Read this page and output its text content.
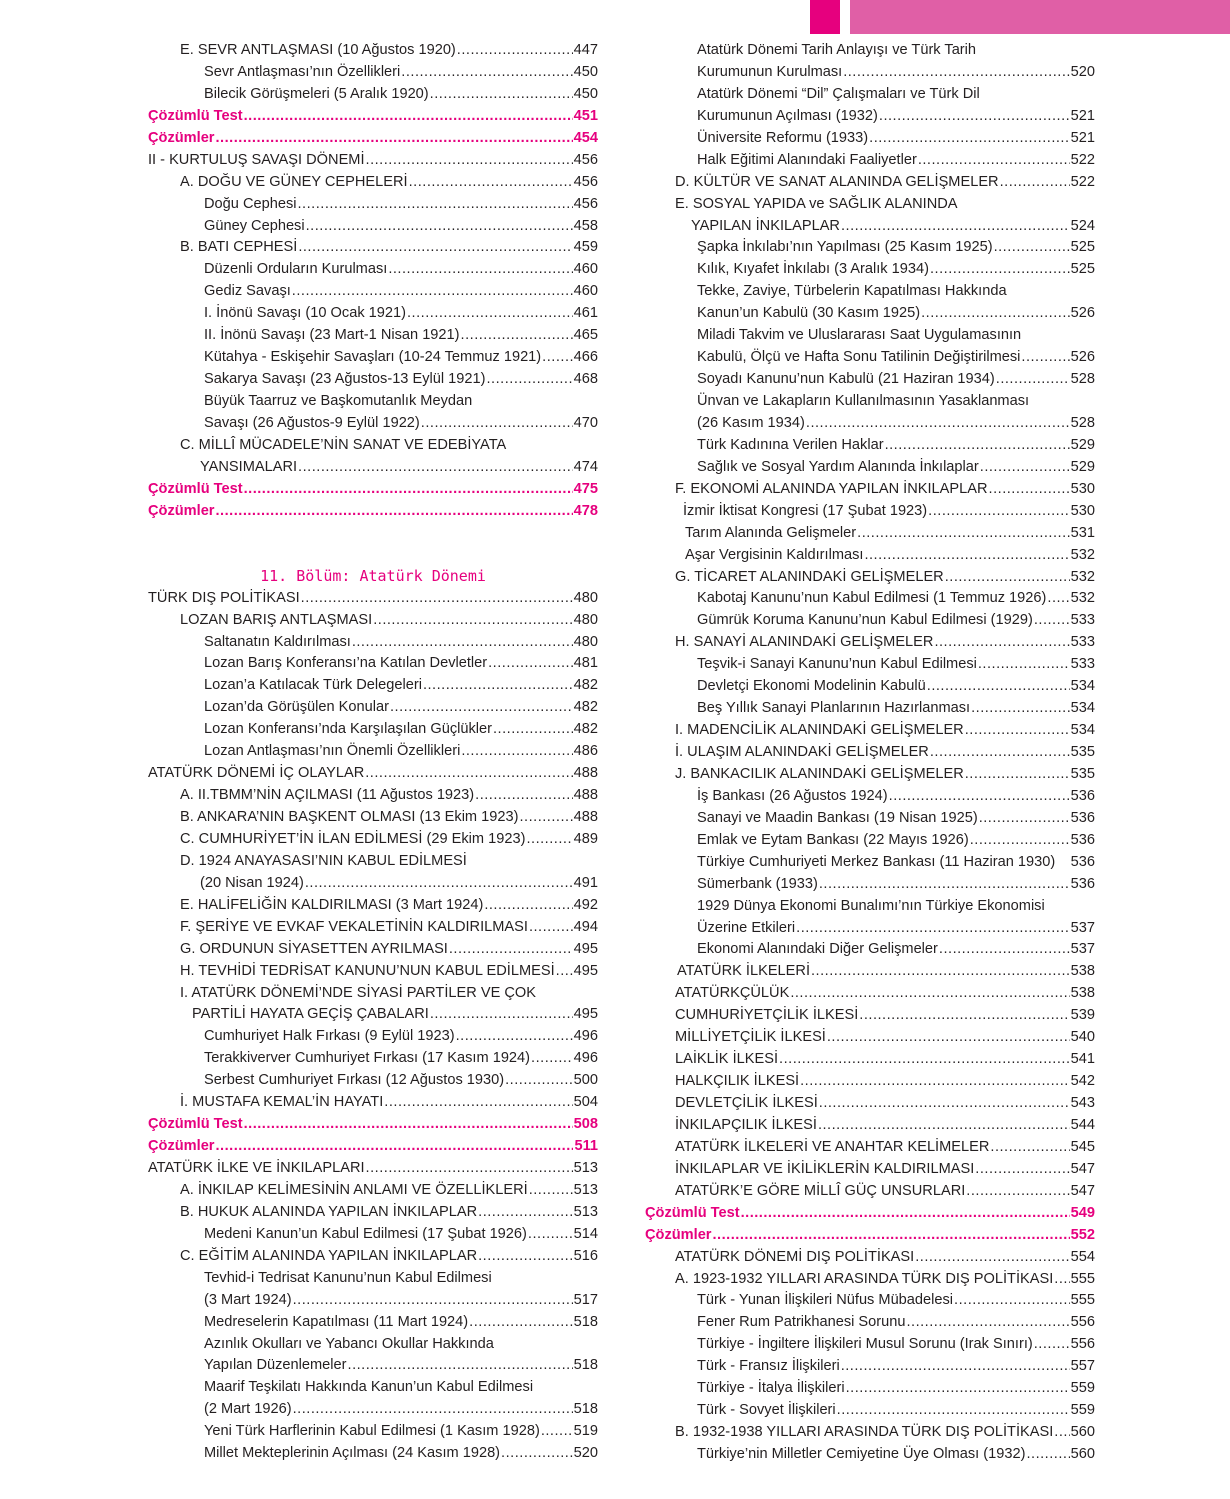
E. SEVR ANTLAŞMASI (10 Ağustos 1920) .....	447
Sevr Antlaşması’nın Özellikleri .....	450
Bilecik Görüşmeleri (5 Aralık 1920) .....	450
Çözümlü Test .....	451
Çözümler .....	454
II - KURTULUŞ SAVAŞI DÖNEMİ .....	456
A. DOĞU VE GÜNEY CEPHELERİ .....	456
Doğu Cephesi .....	456
Güney Cephesi .....	458
B. BATI CEPHESİ .....	459
Düzenli Orduların Kurulması .....	460
Gediz Savaşı .....	460
I. İnönü Savaşı (10 Ocak 1921) .....	461
II. İnönü Savaşı (23 Mart-1 Nisan 1921) .....	465
Kütahya - Eskişehir Savaşları (10-24 Temmuz 1921) ..... 466
Sakarya Savaşı (23 Ağustos-13 Eylül 1921) .....	468
Büyük Taarruz ve Başkomutanlık Meydan
Savaşı (26 Ağustos-9 Eylül 1922) .....	470
C. MİLLÎ MÜCADELE’NİN SANAT VE EDEBİYATA
YANSIMALARI .....	474
Çözümlü Test .....	475
Çözümler .....	478
11. Bölüm: Atatürk Dönemi
TÜRK DIŞ POLİTİKASI .....	480
LOZAN BARIŞ ANTLAŞMASI .....	480
Saltanatın Kaldırılması .....	480
Lozan Barış Konferansı’na Katılan Devletler .....	481
Lozan’a Katılacak Türk Delegeleri .....	482
Lozan’da Görüşülen Konular .....	482
Lozan Konferansı’nda Karşılaşılan Güçlükler .....	482
Lozan Antlaşması’nın Önemli Özellikleri .....	486
ATATÜRK DÖNEMİ İÇ OLAYLAR .....	488
A. II.TBMM’NİN AÇILMASI (11 Ağustos 1923) .....	488
B. ANKARA’NIN BAŞKENT OLMASI (13 Ekim 1923) .....	488
C. CUMHURİYET’İN İLAN EDİLMESİ (29 Ekim 1923) .....	489
D. 1924 ANAYASASI’NIN KABUL EDİLMESİ
(20 Nisan 1924) .....	491
E. HALİFELİĞİN KALDIRILMASI (3 Mart 1924) .....	492
F. ŞERİYE VE EVKAF VEKALETİNİN KALDIRILMASI .....	494
G. ORDUNUN SİYASETTEN AYRILMASI .....	495
H. TEVHİDİ TEDRİSAT KANUNU’NUN KABUL EDİLMESİ ..... 495
I. ATATÜRK DÖNEMİ’NDE SİYASİ PARTİLER VE ÇOK
PARTİLİ HAYATA GEÇİŞ ÇABALARI .....	495
Cumhuriyet Halk Fırkası (9 Eylül 1923) .....	496
Terakkiverver Cumhuriyet Fırkası (17 Kasım 1924) .....	496
Serbest Cumhuriyet Fırkası (12 Ağustos 1930) .....	500
İ. MUSTAFA KEMAL’İN HAYATI .....	504
Çözümlü Test .....	508
Çözümler .....	511
ATATÜRK İLKE VE İNKILAPLARI .....	513
A. İNKILAP KELİMESİNİN ANLAMI VE ÖZELLİKLERİ .....	513
B. HUKUK ALANINDA YAPILAN İNKILAPLAR .....	513
Medeni Kanun’un Kabul Edilmesi (17 Şubat 1926) .....	514
C. EĞİTİM ALANINDA YAPILAN İNKILAPLAR .....	516
Tevhid-i Tedrisat Kanunu’nun Kabul Edilmesi
(3 Mart 1924) .....	517
Medreselerin Kapatılması (11 Mart 1924) .....	518
Azınlık Okulları ve Yabancı Okullar Hakkında
Yapılan Düzenlemeler .....	518
Maarif Teşkilatı Hakkında Kanun’un Kabul Edilmesi
(2 Mart 1926) .....	518
Yeni Türk Harflerinin Kabul Edilmesi (1 Kasım 1928) ..... 519
Millet Mekteplerinin Açılması (24 Kasım 1928) .....	520
Atatürk Dönemi Tarih Anlayışı ve Türk Tarih
Kurumunun Kurulması .....	520
Atatürk Dönemi “Dil” Çalışmaları ve Türk Dil
Kurumunun Açılması (1932) .....	521
Üniversite Reformu (1933) .....	521
Halk Eğitimi Alanındaki Faaliyetler .....	522
D. KÜLTÜR VE SANAT ALANINDA GELİŞMELER .....	522
E. SOSYAL YAPIDA ve SAĞLIK ALANINDA
YAPILAN İNKILAPLAR .....	524
Şapka İnkılabı’nın Yapılması (25 Kasım 1925) .....	525
Kılık, Kıyafet İnkılabı (3 Aralık 1934) .....	525
Tekke, Zaviye, Türbelerin Kapatılması Hakkında
Kanun’un Kabulü (30 Kasım 1925) .....	526
Miladi Takvim ve Uluslararası Saat Uygulamasının
Kabulü, Ölçü ve Hafta Sonu Tatilinin Değiştirilmesi .....	526
Soyadı Kanunu’nun Kabulü (21 Haziran 1934) .....	528
Ünvan ve Lakapların Kullanılmasının Yasaklanması
(26 Kasım 1934) .....	528
Türk Kadınına Verilen Haklar .....	529
Sağlık ve Sosyal Yardım Alanında İnkılaplar .....	529
F. EKONOMİ ALANINDA YAPILAN İNKILAPLAR .....	530
İzmir İktisat Kongresi (17 Şubat 1923) .....	530
Tarım Alanında Gelişmeler .....	531
Aşar Vergisinin Kaldırılması .....	532
G. TİCARET ALANINDAKİ GELİŞMELER .....	532
Kabotaj Kanunu’nun Kabul Edilmesi (1 Temmuz 1926) ..... 532
Gümrük Koruma Kanunu’nun Kabul Edilmesi (1929) .....	533
H. SANAYİ ALANINDAKİ GELİŞMELER .....	533
Teşvik-i Sanayi Kanunu’nun Kabul Edilmesi .....	533
Devletçi Ekonomi Modelinin Kabulü .....	534
Beş Yıllık Sanayi Planlarının Hazırlanması .....	534
I. MADENCİLİK ALANINDAKİ GELİŞMELER .....	534
İ. ULAŞIM ALANINDAKİ GELİŞMELER .....	535
J. BANKACILIK ALANINDAKİ GELİŞMELER .....	535
İş Bankası (26 Ağustos 1924) .....	536
Sanayi ve Maadin Bankası (19 Nisan 1925) .....	536
Emlak ve Eytam Bankası (22 Mayıs 1926) .....	536
Türkiye Cumhuriyeti Merkez Bankası (11 Haziran 1930) 536
Sümerbank (1933) .....	536
1929 Dünya Ekonomi Bunalımı’nın Türkiye Ekonomisi
Üzerine Etkileri .....	537
Ekonomi Alanındaki Diğer Gelişmeler .....	537
ATATÜRK İLKELERİ .....	538
ATATÜRKÇÜLÜK .....	538
CUMHURİYETÇİLİK İLKESİ .....	539
MİLLİYETÇİLİK İLKESİ .....	540
LAİKLİK İLKESİ .....	541
HALKÇILIK İLKESİ .....	542
DEVLETÇİLİK İLKESİ .....	543
İNKILAPÇILIK İLKESİ .....	544
ATATÜRK İLKELERİ VE ANAHTAR KELİMELER .....	545
İNKILAPLAR VE İKİLİKLERİN KALDIRILMASI .....	547
ATATÜRK’E GÖRE MİLLÎ GÜÇ UNSURLARI .....	547
Çözümlü Test .....	549
Çözümler .....	552
ATATÜRK DÖNEMİ DIŞ POLİTİKASI .....	554
A. 1923-1932 YILLARI ARASINDA TÜRK DIŞ POLİTİKASI ..... 555
Türk - Yunan İlişkileri Nüfus Mübadelesi .....	555
Fener Rum Patrikhanesi Sorunu .....	556
Türkiye - İngiltere İlişkileri Musul Sorunu (Irak Sınırı) .....	556
Türk - Fransız İlişkileri .....	557
Türkiye - İtalya İlişkileri .....	559
Türk - Sovyet İlişkileri .....	559
B. 1932-1938 YILLARI ARASINDA TÜRK DIŞ POLİTİKASI ..... 560
Türkiye’nin Milletler Cemiyetine Üye Olması (1932) .....	560
